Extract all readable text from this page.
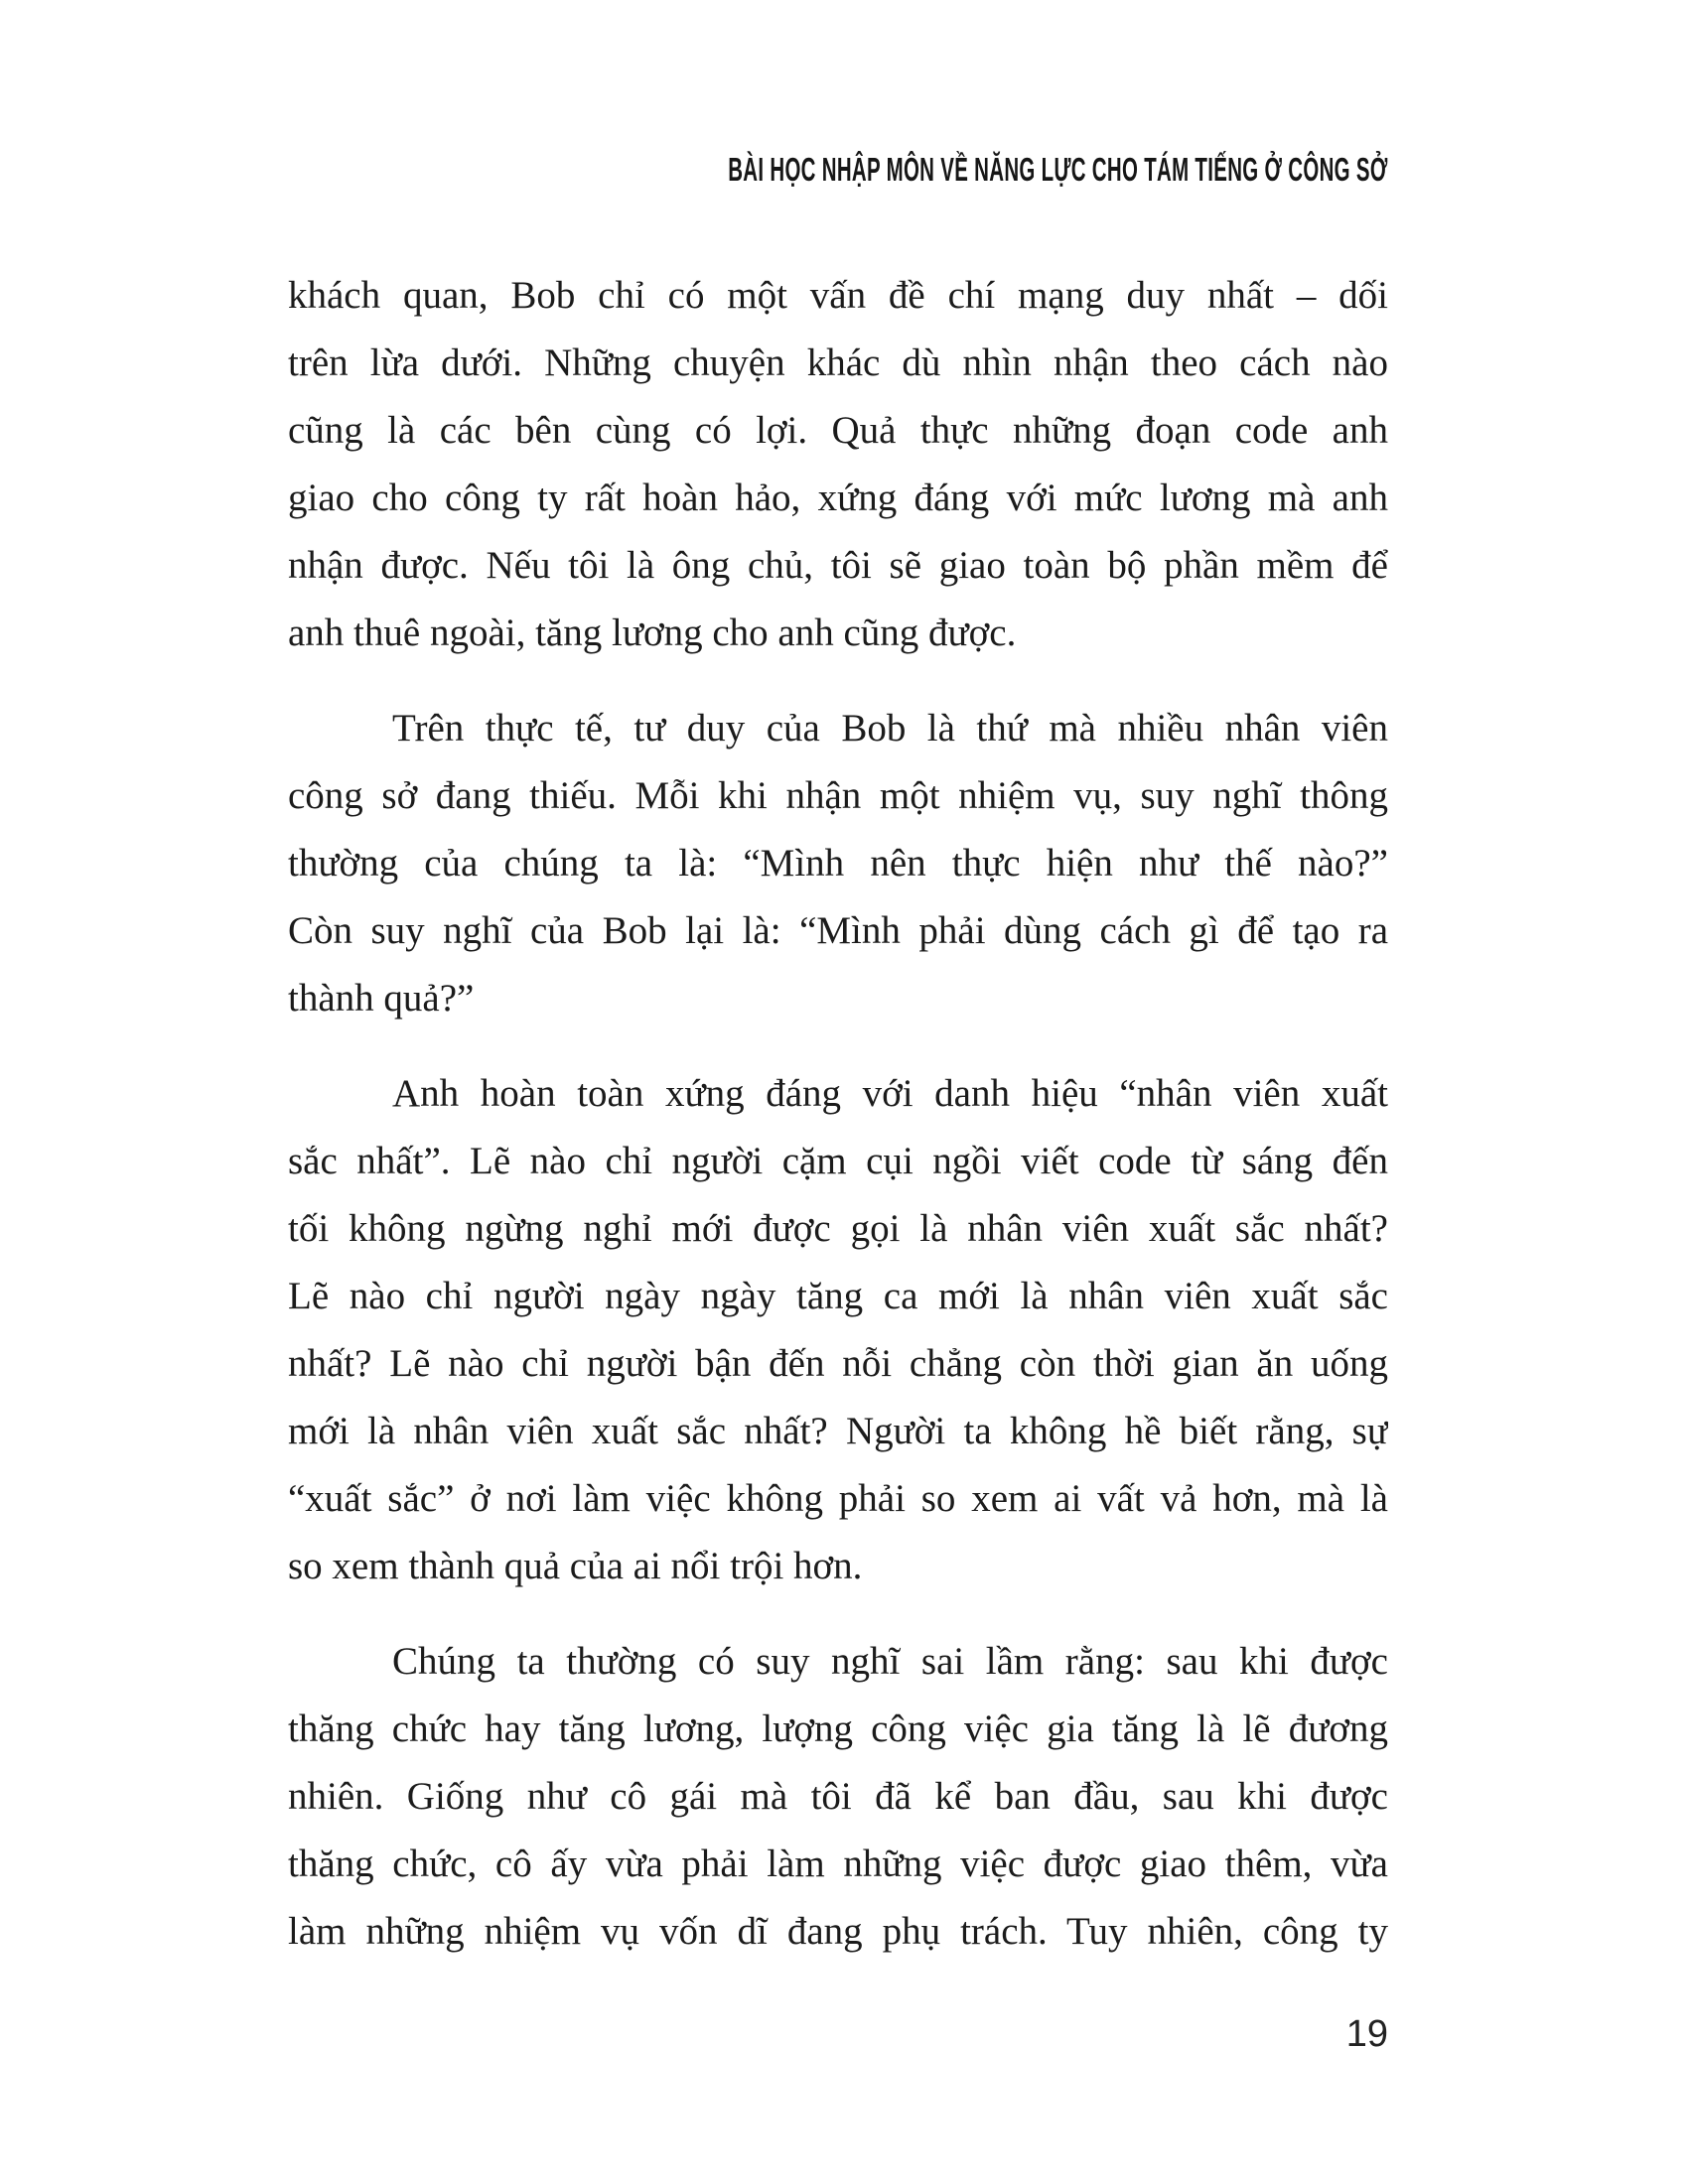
BÀI HỌC NHẬP MÔN VỀ NĂNG LỰC CHO TÁM TIẾNG Ở CÔNG SỞ
khách quan, Bob chỉ có một vấn đề chí mạng duy nhất – dối
trên lừa dưới. Những chuyện khác dù nhìn nhận theo cách nào
cũng là các bên cùng có lợi. Quả thực những đoạn code anh
giao cho công ty rất hoàn hảo, xứng đáng với mức lương mà anh
nhận được. Nếu tôi là ông chủ, tôi sẽ giao toàn bộ phần mềm để
anh thuê ngoài, tăng lương cho anh cũng được.
Trên thực tế, tư duy của Bob là thứ mà nhiều nhân viên
công sở đang thiếu. Mỗi khi nhận một nhiệm vụ, suy nghĩ thông
thường của chúng ta là: “Mình nên thực hiện như thế nào?”
Còn suy nghĩ của Bob lại là: “Mình phải dùng cách gì để tạo ra
thành quả?”
Anh hoàn toàn xứng đáng với danh hiệu “nhân viên xuất
sắc nhất”. Lẽ nào chỉ người cặm cụi ngồi viết code từ sáng đến
tối không ngừng nghỉ mới được gọi là nhân viên xuất sắc nhất?
Lẽ nào chỉ người ngày ngày tăng ca mới là nhân viên xuất sắc
nhất? Lẽ nào chỉ người bận đến nỗi chẳng còn thời gian ăn uống
mới là nhân viên xuất sắc nhất? Người ta không hề biết rằng, sự
“xuất sắc” ở nơi làm việc không phải so xem ai vất vả hơn, mà là
so xem thành quả của ai nổi trội hơn.
Chúng ta thường có suy nghĩ sai lầm rằng: sau khi được
thăng chức hay tăng lương, lượng công việc gia tăng là lẽ đương
nhiên. Giống như cô gái mà tôi đã kể ban đầu, sau khi được
thăng chức, cô ấy vừa phải làm những việc được giao thêm, vừa
làm những nhiệm vụ vốn dĩ đang phụ trách. Tuy nhiên, công ty
19
